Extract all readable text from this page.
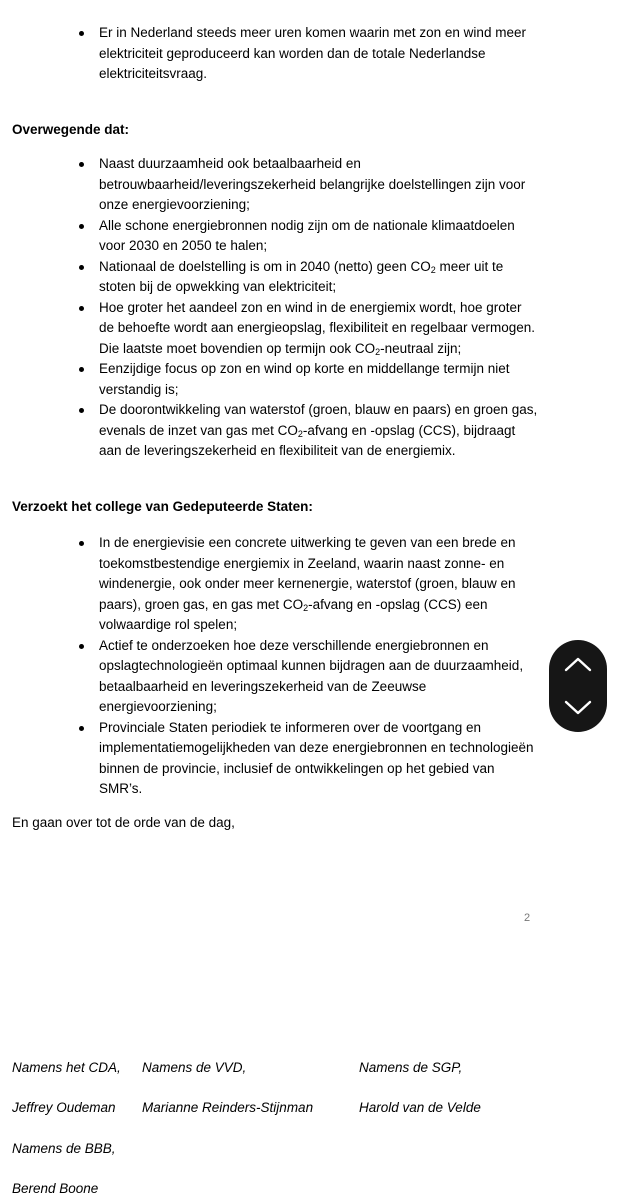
Er in Nederland steeds meer uren komen waarin met zon en wind meer elektriciteit geproduceerd kan worden dan de totale Nederlandse elektriciteitsvraag.
Overwegende dat:
Naast duurzaamheid ook betaalbaarheid en betrouwbaarheid/leveringszekerheid belangrijke doelstellingen zijn voor onze energievoorziening;
Alle schone energiebronnen nodig zijn om de nationale klimaatdoelen voor 2030 en 2050 te halen;
Nationaal de doelstelling is om in 2040 (netto) geen $CO_2$ meer uit te stoten bij de opwekking van elektriciteit;
Hoe groter het aandeel zon en wind in de energiemix wordt, hoe groter de behoefte wordt aan energieopslag, flexibiliteit en regelbaar vermogen. Die laatste moet bovendien op termijn ook $CO_2$-neutraal zijn;
Eenzijdige focus op zon en wind op korte en middellange termijn niet verstandig is;
De doorontwikkeling van waterstof (groen, blauw en paars) en groen gas, evenals de inzet van gas met $CO_2$-afvang en -opslag (CCS), bijdraagt aan de leveringszekerheid en flexibiliteit van de energiemix.
Verzoekt het college van Gedeputeerde Staten:
In de energievisie een concrete uitwerking te geven van een brede en toekomstbestendige energiemix in Zeeland, waarin naast zonne- en windenergie, ook onder meer kernenergie, waterstof (groen, blauw en paars), groen gas, en gas met $CO_2$-afvang en -opslag (CCS) een volwaardige rol spelen;
Actief te onderzoeken hoe deze verschillende energiebronnen en opslagtechnologieën optimaal kunnen bijdragen aan de duurzaamheid, betaalbaarheid en leveringszekerheid van de Zeeuwse energievoorziening;
Provinciale Staten periodiek te informeren over de voortgang en implementatiemogelijkheden van deze energiebronnen en technologieën binnen de provincie, inclusief de ontwikkelingen op het gebied van SMR’s.
En gaan over tot de orde van de dag,
2
Namens het CDA, Namens de VVD,	Namens de SGP,
Jeffrey Oudeman Marianne Reinders-Stijnman	Harold van de Velde
Namens de BBB,
Berend Boone
